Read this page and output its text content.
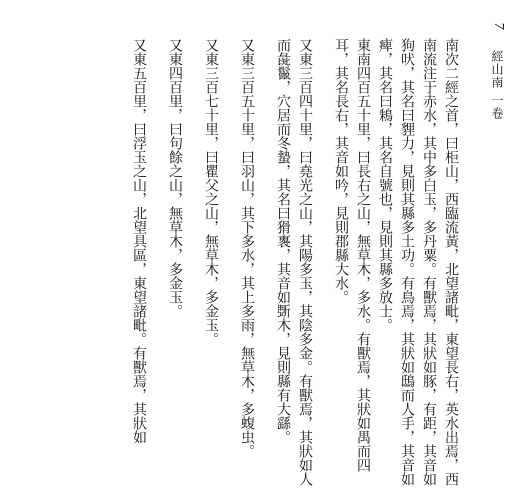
7
經山南 一卷

南次二經之首，曰柜山，西臨流黃，北望諸毗，東望長右，英水出焉，西南流注于赤水，其中多白玉，多丹粟。有獸焉，其狀如豚，有距，其音如狗吠，其名曰貍力，見則其縣多土功。有鳥焉，其狀如鴟而人手，其音如痺，其名曰鴸，其名自號也，見則其縣多放士。

東南四百五十里，曰長右之山，無草木，多水。有獸焉，其狀如禺而四耳，其名長右，其音如吟，見則郡縣大水。

又東三百四十里，曰堯光之山，其陽多玉，其陰多金。有獸焉，其狀如人而彘鬣，穴居而冬蟄，其名曰猾褢，其音如斲木，見則縣有大繇。

又東三百五十里，曰羽山，其下多水，其上多雨，無草木，多蝮虫。

又東三百七十里，曰瞿父之山，無草木，多金玉。

又東四百里，曰句餘之山，無草木，多金玉。

又東五百里，曰浮玉之山，北望具區，東望諸毗。有獸焉，其狀如
